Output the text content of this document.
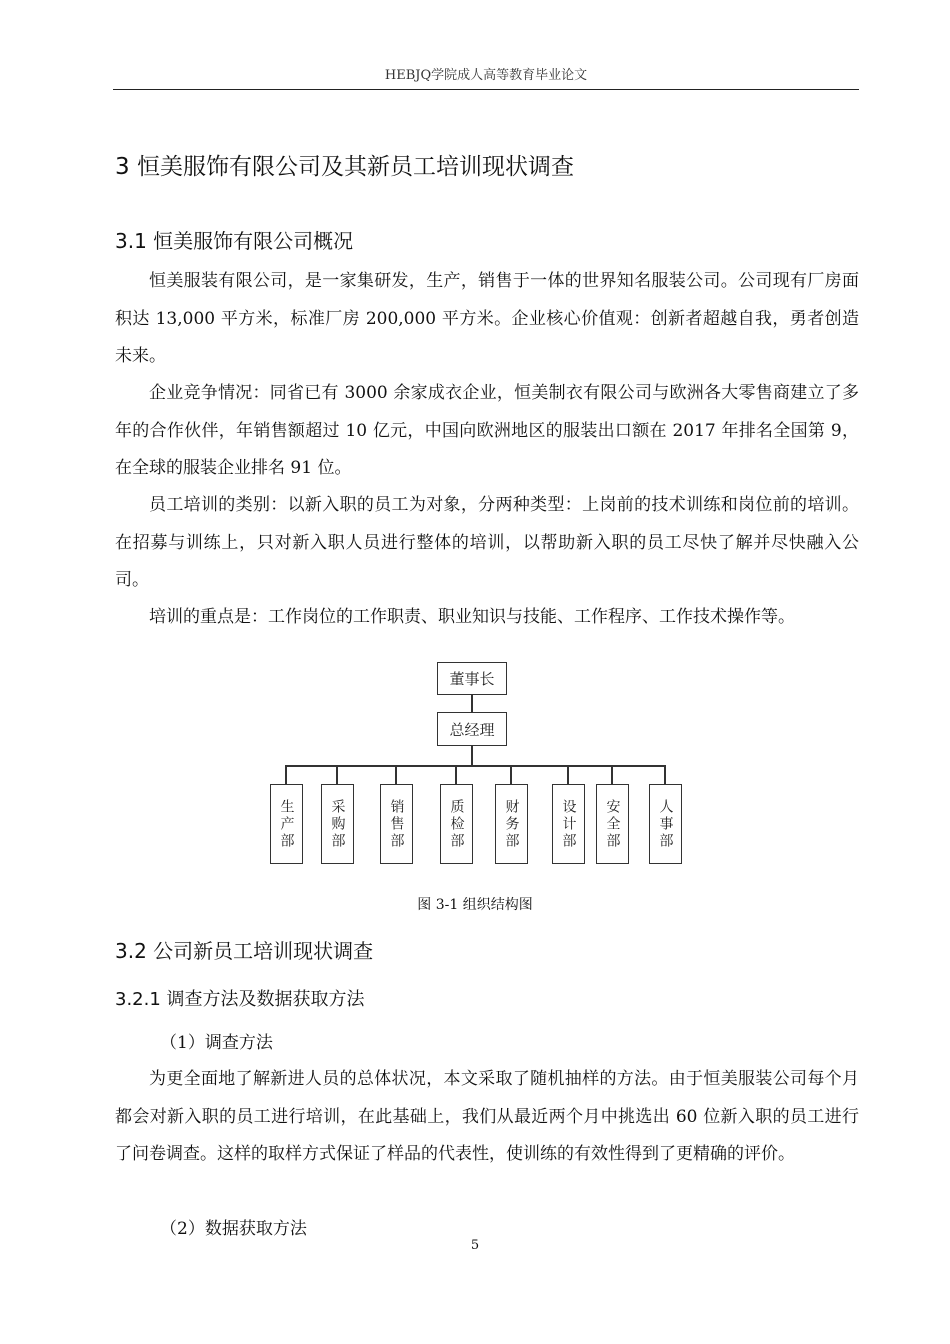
HEBJQ学院成人高等教育毕业论文
3 恒美服饰有限公司及其新员工培训现状调查
3.1 恒美服饰有限公司概况
恒美服装有限公司，是一家集研发，生产，销售于一体的世界知名服装公司。公司现有厂房面积达 13,000 平方米，标准厂房 200,000 平方米。企业核心价值观：创新者超越自我，勇者创造未来。
企业竞争情况：同省已有 3000 余家成衣企业，恒美制衣有限公司与欧洲各大零售商建立了多年的合作伙伴，年销售额超过 10 亿元，中国向欧洲地区的服装出口额在 2017 年排名全国第 9，在全球的服装企业排名 91 位。
员工培训的类别：以新入职的员工为对象，分两种类型：上岗前的技术训练和岗位前的培训。在招募与训练上，只对新入职人员进行整体的培训，以帮助新入职的员工尽快了解并尽快融入公司。
培训的重点是：工作岗位的工作职责、职业知识与技能、工作程序、工作技术操作等。
董事长
总经理
生产部	采购部	销售部	质检部	财务部	设计部	安全部	人事部
图 3-1 组织结构图
3.2 公司新员工培训现状调查
3.2.1 调查方法及数据获取方法
（1）调查方法
为更全面地了解新进人员的总体状况，本文采取了随机抽样的方法。由于恒美服装公司每个月都会对新入职的员工进行培训，在此基础上，我们从最近两个月中挑选出 60 位新入职的员工进行了问卷调查。这样的取样方式保证了样品的代表性，使训练的有效性得到了更精确的评价。
（2）数据获取方法
5
